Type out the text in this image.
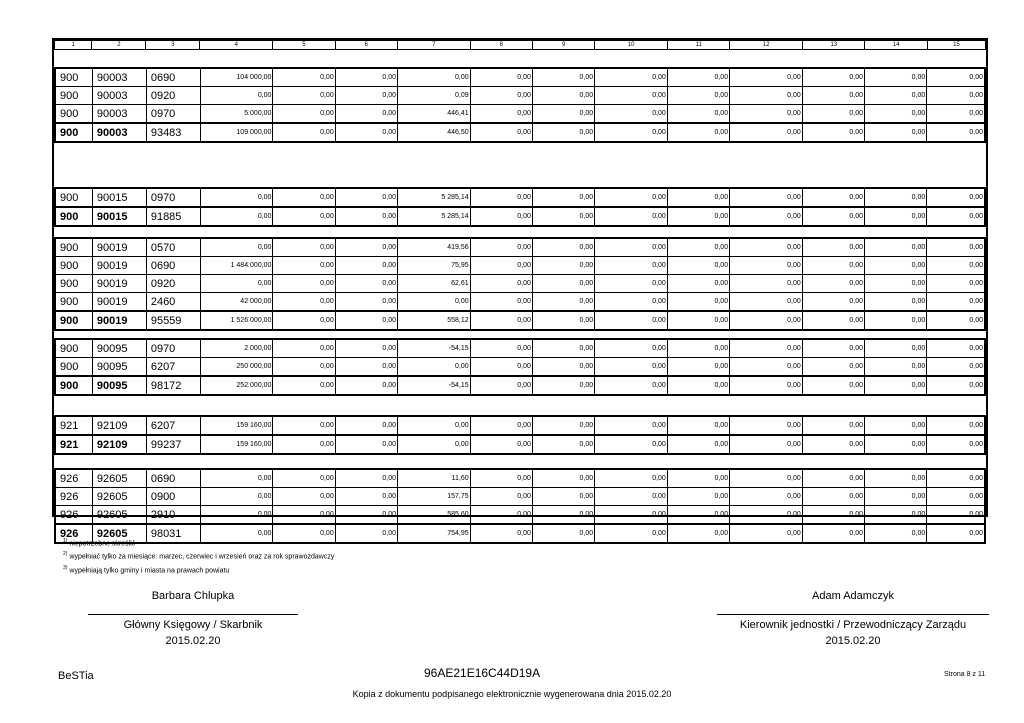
1	2	3	4	5	6	7	8	9	10	11	12	13	14	15
900	90003	0690	104 000,00	0,00	0,00	0,00	0,00	0,00	0,00	0,00	0,00	0,00	0,00	0,00
900	90003	0920	0,00	0,00	0,00	0,09	0,00	0,00	0,00	0,00	0,00	0,00	0,00	0,00
900	90003	0970	5 000,00	0,00	0,00	446,41	0,00	0,00	0,00	0,00	0,00	0,00	0,00	0,00
900	90003	93483	109 000,00	0,00	0,00	446,50	0,00	0,00	0,00	0,00	0,00	0,00	0,00	0,00
900	90015	0970	0,00	0,00	0,00	5 285,14	0,00	0,00	0,00	0,00	0,00	0,00	0,00	0,00
900	90015	91885	0,00	0,00	0,00	5 285,14	0,00	0,00	0,00	0,00	0,00	0,00	0,00	0,00
900	90019	0570	0,00	0,00	0,00	419,56	0,00	0,00	0,00	0,00	0,00	0,00	0,00	0,00
900	90019	0690	1 484 000,00	0,00	0,00	75,95	0,00	0,00	0,00	0,00	0,00	0,00	0,00	0,00
900	90019	0920	0,00	0,00	0,00	62,61	0,00	0,00	0,00	0,00	0,00	0,00	0,00	0,00
900	90019	2460	42 000,00	0,00	0,00	0,00	0,00	0,00	0,00	0,00	0,00	0,00	0,00	0,00
900	90019	95559	1 526 000,00	0,00	0,00	558,12	0,00	0,00	0,00	0,00	0,00	0,00	0,00	0,00
900	90095	0970	2 000,00	0,00	0,00	-54,15	0,00	0,00	0,00	0,00	0,00	0,00	0,00	0,00
900	90095	6207	250 000,00	0,00	0,00	0,00	0,00	0,00	0,00	0,00	0,00	0,00	0,00	0,00
900	90095	98172	252 000,00	0,00	0,00	-54,15	0,00	0,00	0,00	0,00	0,00	0,00	0,00	0,00
921	92109	6207	159 160,00	0,00	0,00	0,00	0,00	0,00	0,00	0,00	0,00	0,00	0,00	0,00
921	92109	99237	159 160,00	0,00	0,00	0,00	0,00	0,00	0,00	0,00	0,00	0,00	0,00	0,00
926	92605	0690	0,00	0,00	0,00	11,60	0,00	0,00	0,00	0,00	0,00	0,00	0,00	0,00
926	92605	0900	0,00	0,00	0,00	157,75	0,00	0,00	0,00	0,00	0,00	0,00	0,00	0,00
926	92605	2910	0,00	0,00	0,00	585,60	0,00	0,00	0,00	0,00	0,00	0,00	0,00	0,00
926	92605	98031	0,00	0,00	0,00	754,95	0,00	0,00	0,00	0,00	0,00	0,00	0,00	0,00
$^{1)}$ niepotrzebne skreślić
$^{2)}$ wypełniać tylko za miesiące: marzec, czerwiec i wrzesień oraz za rok sprawozdawczy
$^{3)}$ wypełniają tylko gminy i miasta na prawach powiatu
Barbara Chlupka
Główny Księgowy / Skarbnik
2015.02.20
Adam Adamczyk
Kierownik jednostki / Przewodniczący Zarządu
2015.02.20
BeSTia	96AE21E16C44D19A	Strona 8 z 11
Kopia z dokumentu podpisanego elektronicznie wygenerowana dnia 2015.02.20
